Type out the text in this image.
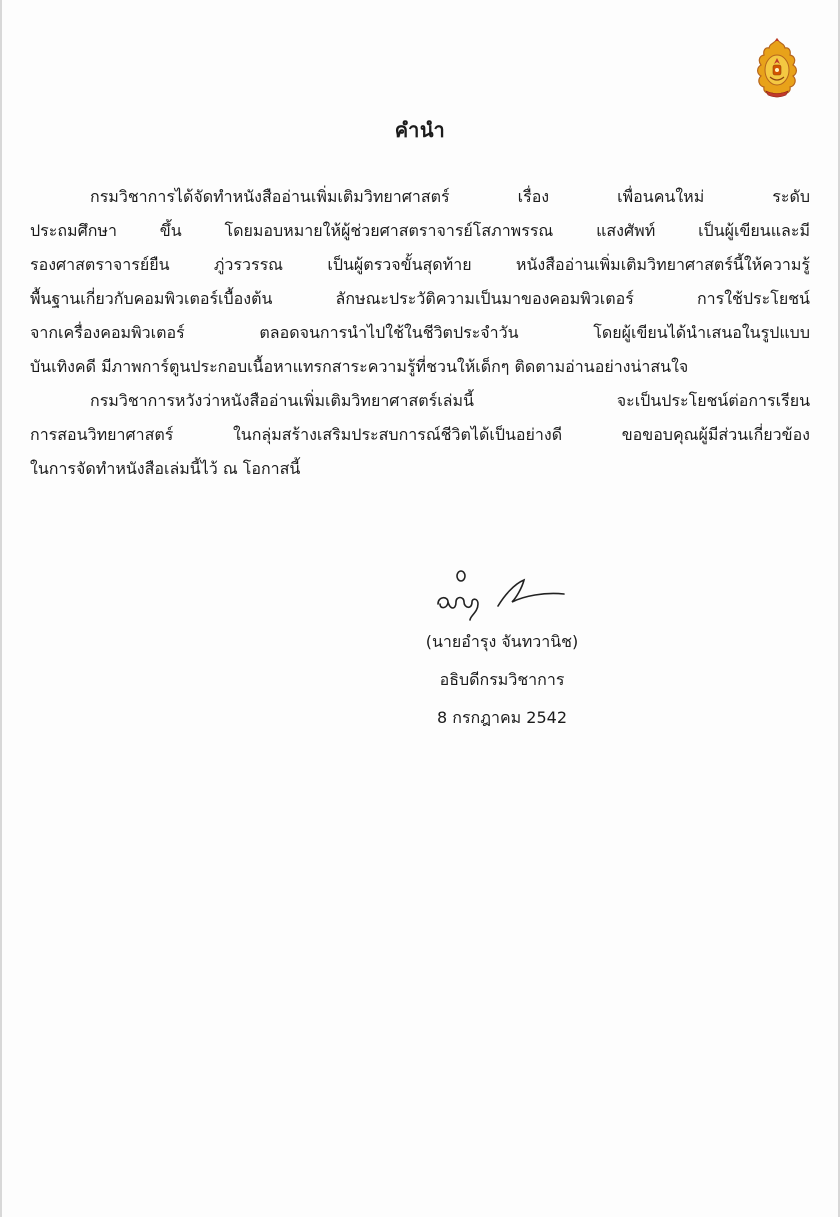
คำนำ
กรมวิชาการได้จัดทำหนังสืออ่านเพิ่มเติมวิทยาศาสตร์ เรื่อง เพื่อนคนใหม่ ระดับ
ประถมศึกษา ขึ้น โดยมอบหมายให้ผู้ช่วยศาสตราจารย์โสภาพรรณ แสงศัพท์ เป็นผู้เขียนและมี
รองศาสตราจารย์ยืน ภู่วรวรรณ เป็นผู้ตรวจขั้นสุดท้าย หนังสืออ่านเพิ่มเติมวิทยาศาสตร์นี้ให้ความรู้
พื้นฐานเกี่ยวกับคอมพิวเตอร์เบื้องต้น ลักษณะประวัติความเป็นมาของคอมพิวเตอร์ การใช้ประโยชน์
จากเครื่องคอมพิวเตอร์ ตลอดจนการนำไปใช้ในชีวิตประจำวัน โดยผู้เขียนได้นำเสนอในรูปแบบ
บันเทิงคดี มีภาพการ์ตูนประกอบเนื้อหาแทรกสาระความรู้ที่ชวนให้เด็กๆ ติดตามอ่านอย่างน่าสนใจ
กรมวิชาการหวังว่าหนังสืออ่านเพิ่มเติมวิทยาศาสตร์เล่มนี้ จะเป็นประโยชน์ต่อการเรียน
การสอนวิทยาศาสตร์ ในกลุ่มสร้างเสริมประสบการณ์ชีวิตได้เป็นอย่างดี ขอขอบคุณผู้มีส่วนเกี่ยวข้อง
ในการจัดทำหนังสือเล่มนี้ไว้ ณ โอกาสนี้
(นายอำรุง จันทวานิช)
อธิบดีกรมวิชาการ
8 กรกฎาคม 2542
